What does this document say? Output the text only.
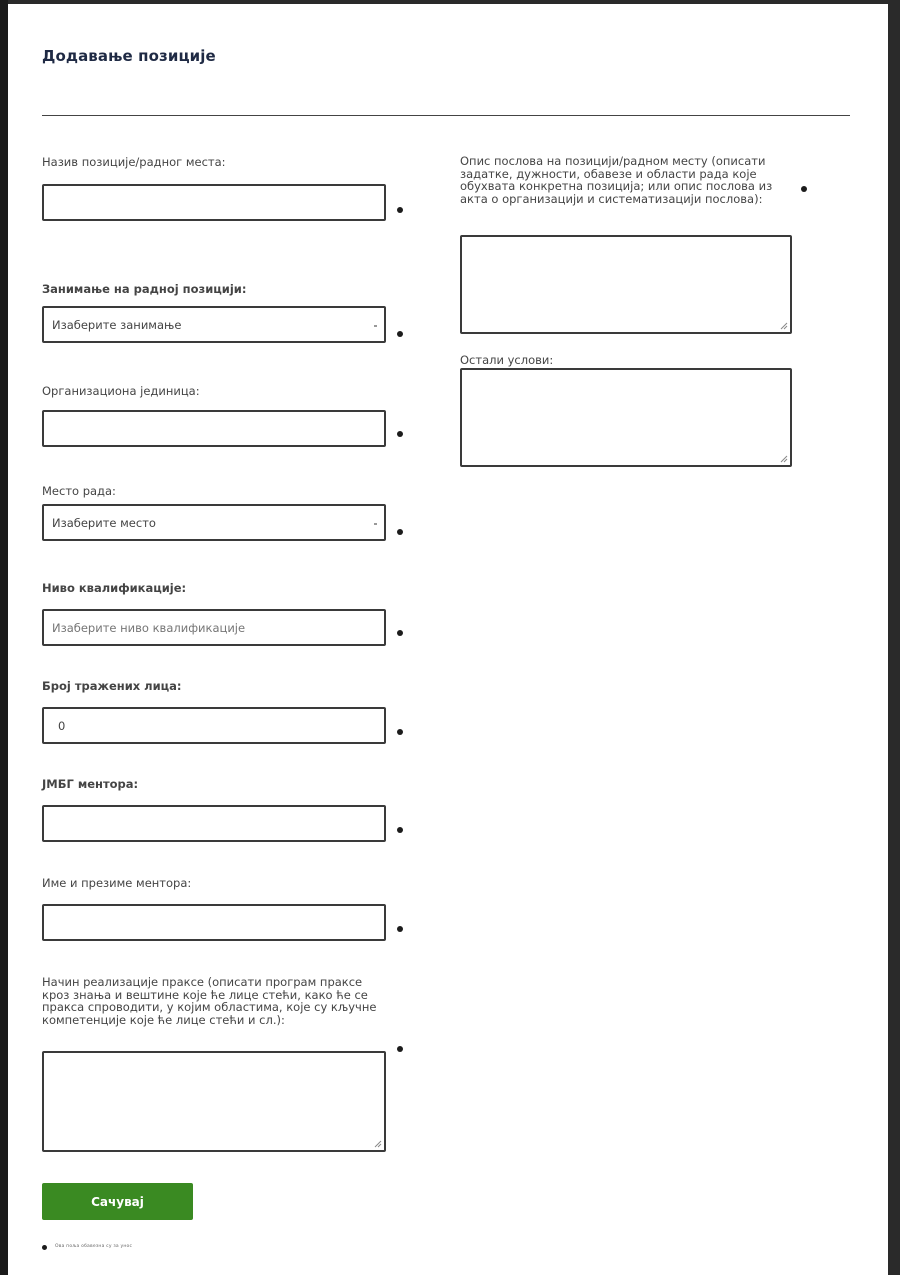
Додавање позиције
Назив позиције/радног места:
Занимање на радној позицији:
Изаберите занимање
Организациона јединица:
Место рада:
Изаберите место
Ниво квалификације:
Изаберите ниво квалификације
Број тражених лица:
0
ЈМБГ ментора:
Име и презиме ментора:
Начин реализације праксе (описати програм праксе кроз знања и вештине које ће лице стећи, како ће се пракса спроводити, у којим областима, које су кључне компетенције које ће лице стећи и сл.):
Опис послова на позицији/радном месту (описати задатке, дужности, обавезе и области рада које обухвата конкретна позиција; или опис послова из акта о организацији и систематизацији послова):
Остали услови:
Сачувај
Ова поља обавезна су за унос
